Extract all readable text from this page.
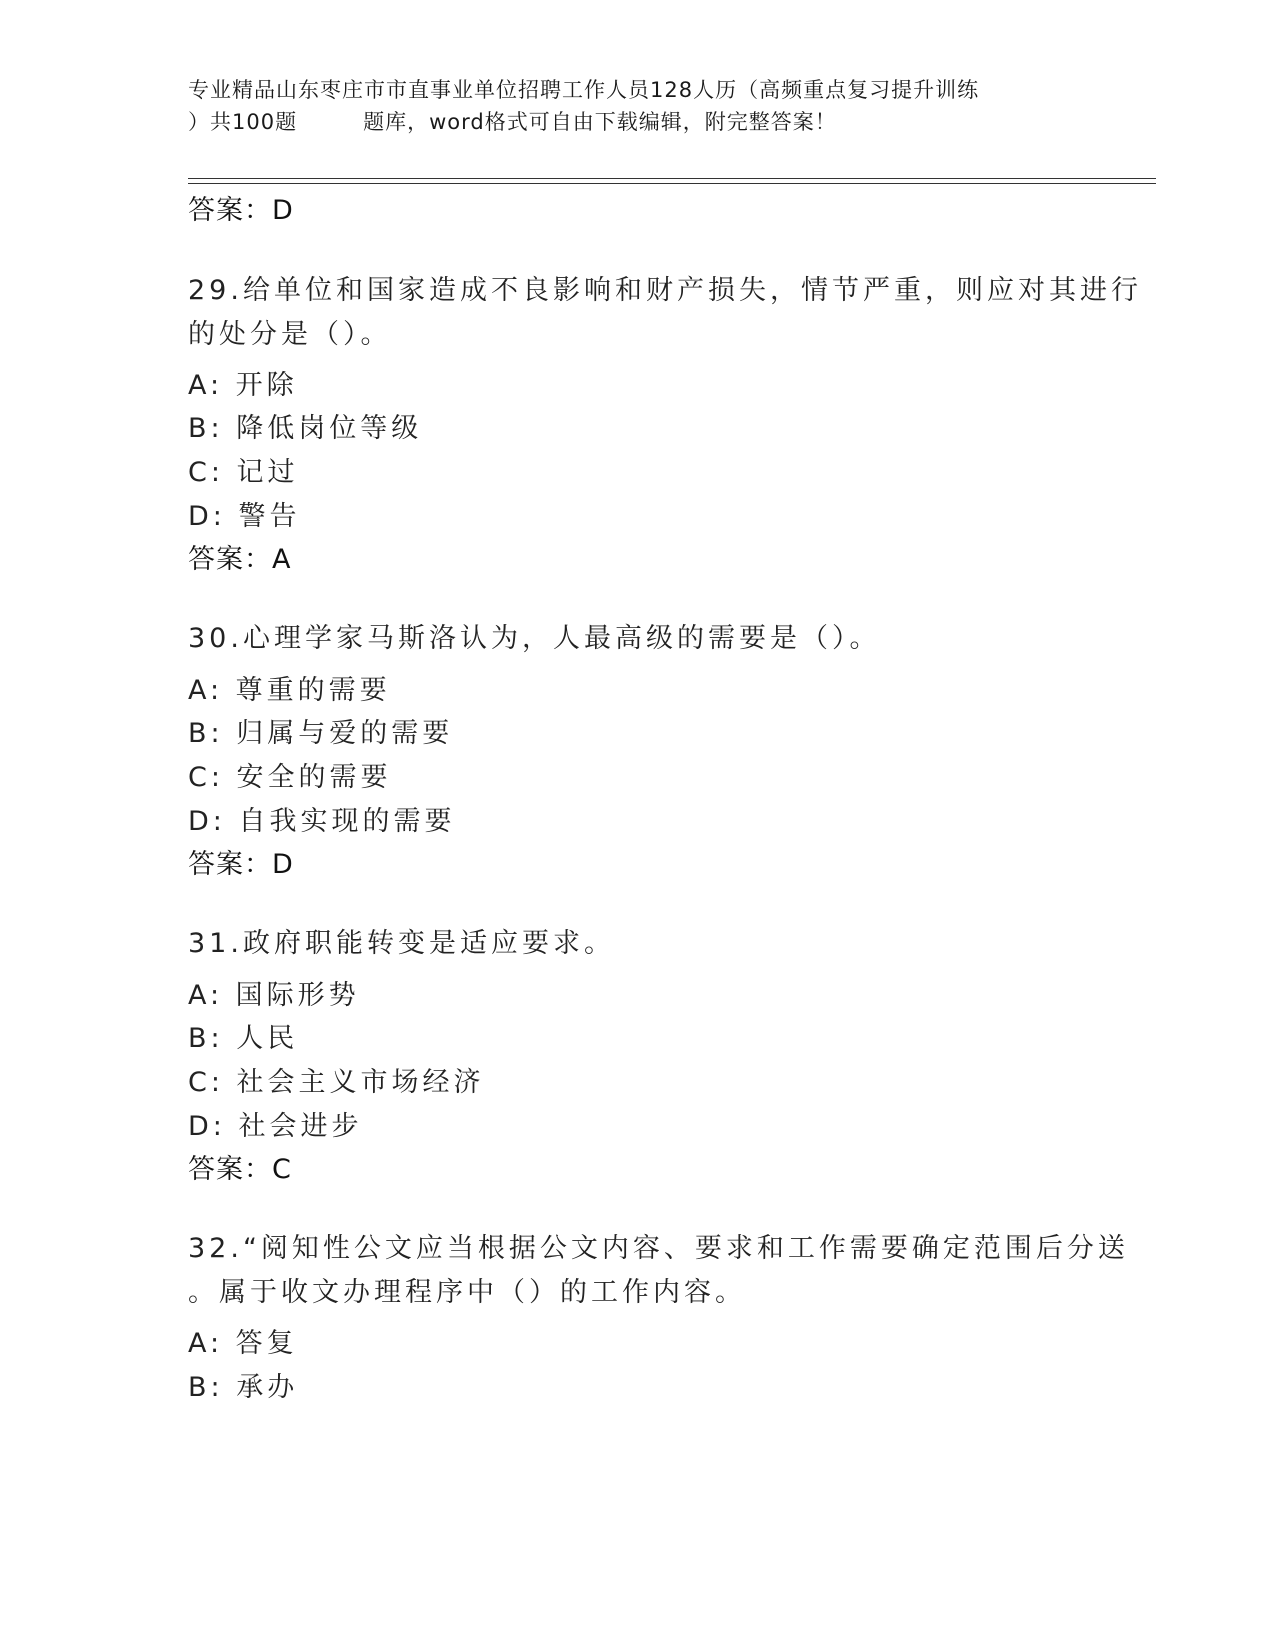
专业精品山东枣庄市市直事业单位招聘工作人员128人历（高频重点复习提升训练
）共100题　　　题库，word格式可自由下载编辑，附完整答案！
答案：D
29.给单位和国家造成不良影响和财产损失，情节严重，则应对其进行
的处分是（）。
A: 开除
B: 降低岗位等级
C: 记过
D: 警告
答案：A
30.心理学家马斯洛认为，人最高级的需要是（）。
A: 尊重的需要
B: 归属与爱的需要
C: 安全的需要
D: 自我实现的需要
答案：D
31.政府职能转变是适应要求。
A: 国际形势
B: 人民
C: 社会主义市场经济
D: 社会进步
答案：C
32.“阅知性公文应当根据公文内容、要求和工作需要确定范围后分送
。属于收文办理程序中（）的工作内容。
A: 答复
B: 承办
